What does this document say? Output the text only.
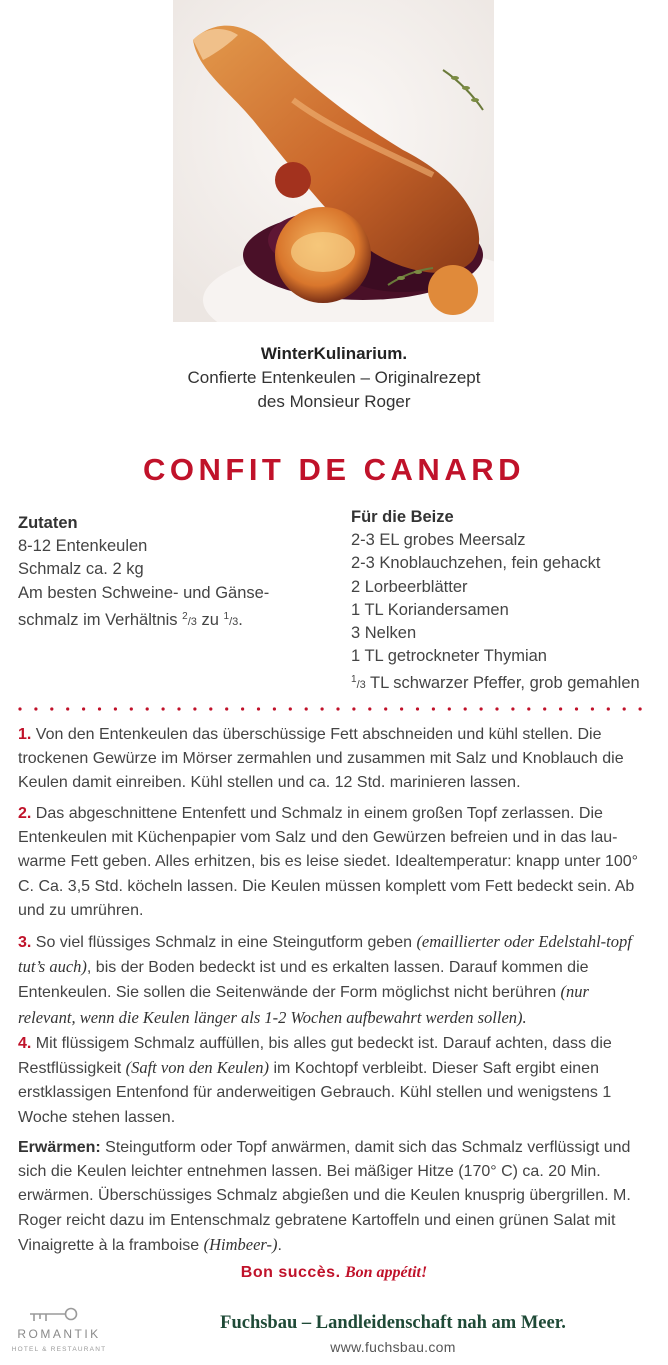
WinterKulinarium.
Confierte Entenkeulen – Originalrezept
des Monsieur Roger
CONFIT DE CANARD
Zutaten
8-12 Entenkeulen
Schmalz ca. 2 kg
Am besten Schweine- und Gänse-
schmalz im Verhältnis $^2$/3 zu $^1$/3.
Für die Beize
2-3 EL grobes Meersalz
2-3 Knoblauchzehen, fein gehackt
2 Lorbeerblätter
1 TL Koriandersamen
3 Nelken
1 TL getrockneter Thymian
$^1$/3 TL schwarzer Pfeffer, grob gemahlen
1. Von den Entenkeulen das überschüssige Fett abschneiden und kühl stellen. Die trockenen Gewürze im Mörser zermahlen und zusammen mit Salz und Knoblauch die Keulen damit einreiben. Kühl stellen und ca. 12 Std. marinieren lassen.
2. Das abgeschnittene Entenfett und Schmalz in einem großen Topf zerlassen. Die Entenkeulen mit Küchenpapier vom Salz und den Gewürzen befreien und in das lau-warme Fett geben. Alles erhitzen, bis es leise siedet. Idealtemperatur: knapp unter 100° C. Ca. 3,5 Std. köcheln lassen. Die Keulen müssen komplett vom Fett bedeckt sein. Ab und zu umrühren.
3. So viel flüssiges Schmalz in eine Steingutform geben (emaillierter oder Edelstahl-topf tut’s auch), bis der Boden bedeckt ist und es erkalten lassen. Darauf kommen die Entenkeulen. Sie sollen die Seitenwände der Form möglichst nicht berühren (nur relevant, wenn die Keulen länger als 1-2 Wochen aufbewahrt werden sollen).
4. Mit flüssigem Schmalz auffüllen, bis alles gut bedeckt ist. Darauf achten, dass die Restflüssigkeit (Saft von den Keulen) im Kochtopf verbleibt. Dieser Saft ergibt einen erstklassigen Entenfond für anderweitigen Gebrauch. Kühl stellen und wenigstens 1 Woche stehen lassen.
Erwärmen: Steingutform oder Topf anwärmen, damit sich das Schmalz verflüssigt und sich die Keulen leichter entnehmen lassen. Bei mäßiger Hitze (170° C) ca. 20 Min. erwärmen. Überschüssiges Schmalz abgießen und die Keulen knusprig übergrillen. M. Roger reicht dazu im Entenschmalz gebratene Kartoffeln und einen grünen Salat mit Vinaigrette à la framboise (Himbeer-).
Bon succès. Bon appétit!
ROMANTIK
HOTEL & RESTAURANT
Fuchsbau – Landleidenschaft nah am Meer.
www.fuchsbau.com
